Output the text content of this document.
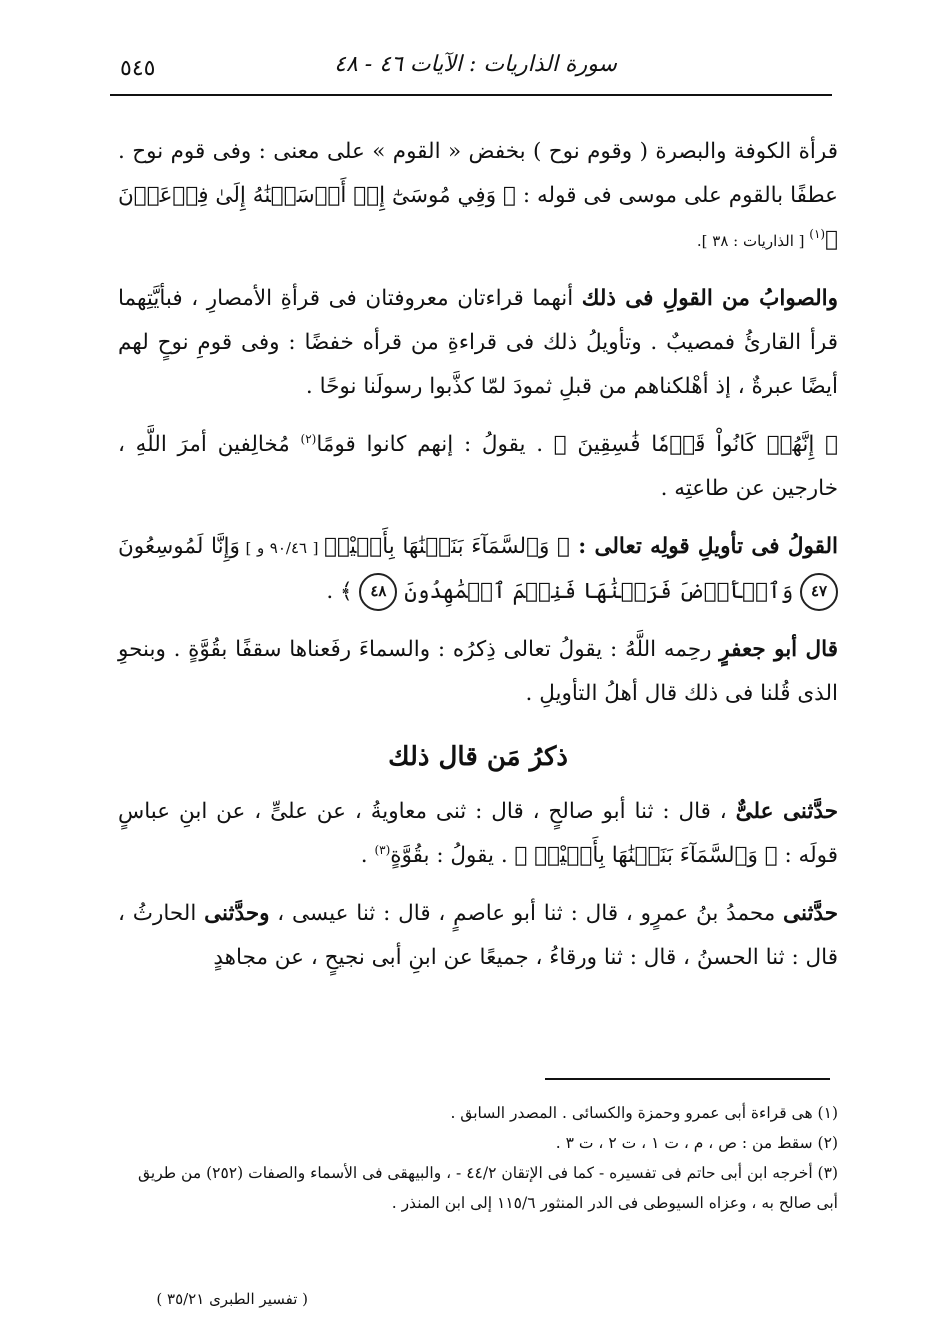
سورة الذاريات : الآيات ٤٦ - ٤٨
٥٤٥

قرأة الكوفة والبصرة ( وقوم نوح ) بخفض « القوم » على معنى : وفى قوم نوح . عطفًا بالقوم على موسى فى قوله : ﴿ وَفِي مُوسَىٰٓ إِذۡ أَرۡسَلۡنَٰهُ إِلَىٰ فِرۡعَوۡنَ ﴾$^{(١)}$ [ الذاريات : ٣٨ ].

والصوابُ من القولِ فى ذلك أنهما قراءتان معروفتان فى قرأةِ الأمصارِ ، فبأيَّتِهما قرأ القارئُ فمصيبٌ . وتأويلُ ذلك فى قراءةِ من قرأه خفضًا : وفى قومِ نوحٍ لهم أيضًا عبرةٌ ، إذ أهْلكناهم من قبلِ ثمودَ لمّا كذَّبوا رسولَنا نوحًا .

﴿ إِنَّهُمۡ كَانُواْ قَوۡمٗا فَٰسِقِينَ ﴾ . يقولُ : إنهم كانوا قومًا$^{(٢)}$ مُخالِفين أمرَ اللَّهِ ، خارجين عن طاعتِه .

القولُ فى تأويلِ قولِه تعالى : ﴿ وَٱلسَّمَآءَ بَنَيۡنَٰهَا بِأَيۡيْدٖ [ ٩٠/٤٦ و ] وَإِنَّا لَمُوسِعُونَ ٤٧ وَٱلۡأَرۡضَ فَرَشۡنَٰهَا فَنِعۡمَ ٱلۡمَٰهِدُونَ ٤٨ ﴾ .

قال أبو جعفرٍ رحِمه اللَّهُ : يقولُ تعالى ذِكرُه : والسماءَ رفَعناها سقفًا بقُوَّةٍ . وبنحوِ الذى قُلنا فى ذلك قال أهلُ التأويلِ .

ذكرُ مَن قال ذلك

حدَّثنى علىٌّ ، قال : ثنا أبو صالحٍ ، قال : ثنى معاويةُ ، عن علىٍّ ، عن ابنِ عباسٍ قولَه : ﴿ وَٱلسَّمَآءَ بَنَيۡنَٰهَا بِأَيۡيْدٖ ﴾ . يقولُ : بقُوَّةٍ$^{(٣)}$ .

حدَّثنى محمدُ بنُ عمرٍو ، قال : ثنا أبو عاصمٍ ، قال : ثنا عيسى ، وحدَّثنى الحارثُ ، قال : ثنا الحسنُ ، قال : ثنا ورقاءُ ، جميعًا عن ابنِ أبى نجيحٍ ، عن مجاهدٍ

(١) هى قراءة أبى عمرو وحمزة والكسائى . المصدر السابق .

(٢) سقط من : ص ، م ، ت ١ ، ت ٢ ، ت ٣ .

(٣) أخرجه ابن أبى حاتم فى تفسيره - كما فى الإتقان ٤٤/٢ - ، والبيهقى فى الأسماء والصفات (٢٥٢) من طريق أبى صالح به ، وعزاه السيوطى فى الدر المنثور ١١٥/٦ إلى ابن المنذر .

( تفسير الطبرى ٣٥/٢١ )
